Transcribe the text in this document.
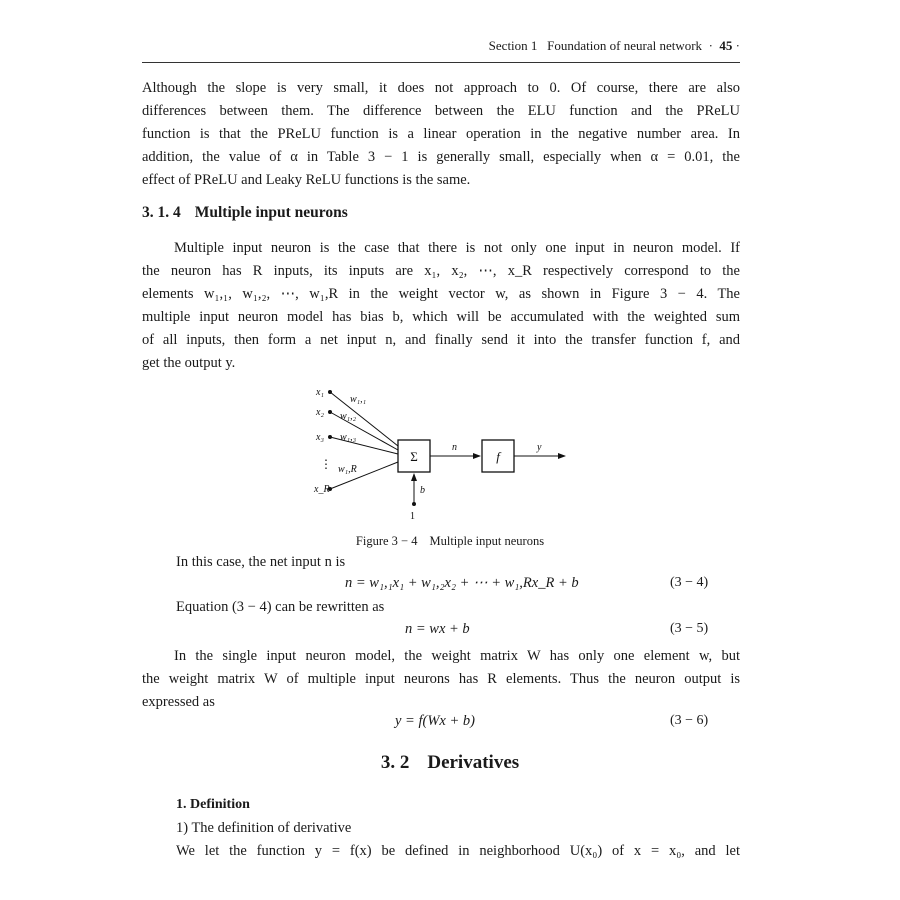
Section 1 Foundation of neural network  ·  45 ·
Although the slope is very small, it does not approach to 0. Of course, there are also
differences between them. The difference between the ELU function and the PReLU
function is that the PReLU function is a linear operation in the negative number area. In
addition, the value of α in Table 3 − 1 is generally small, especially when α = 0.01, the
effect of PReLU and Leaky ReLU functions is the same.
3. 1. 4 Multiple input neurons
Multiple input neuron is the case that there is not only one input in neuron model. If
the neuron has R inputs, its inputs are x₁, x₂, ⋯, x_R respectively correspond to the
elements w₁,₁, w₁,₂, ⋯, w₁,R in the weight vector w, as shown in Figure 3 − 4. The
multiple input neuron model has bias b, which will be accumulated with the weighted sum
of all inputs, then form a net input n, and finally send it into the transfer function f, and
get the output y.
x₁
x₂
x₃
⋮
x_R
w₁,₁
w₁,₂
w₁,₃
w₁,R
Σ
n
f
y
b
1
Figure 3 − 4 Multiple input neurons
In this case, the net input n is
n = w₁,₁x₁ + w₁,₂x₂ + ⋯ + w₁,Rx_R + b	(3 − 4)
Equation (3 − 4) can be rewritten as
n = wx + b	(3 − 5)
In the single input neuron model, the weight matrix W has only one element w, but
the weight matrix W of multiple input neurons has R elements. Thus the neuron output is
expressed as
y = f(Wx + b)	(3 − 6)
3. 2 Derivatives
1. Definition
1) The definition of derivative
We let the function y = f(x) be defined in neighborhood U(x₀) of x = x₀, and let
